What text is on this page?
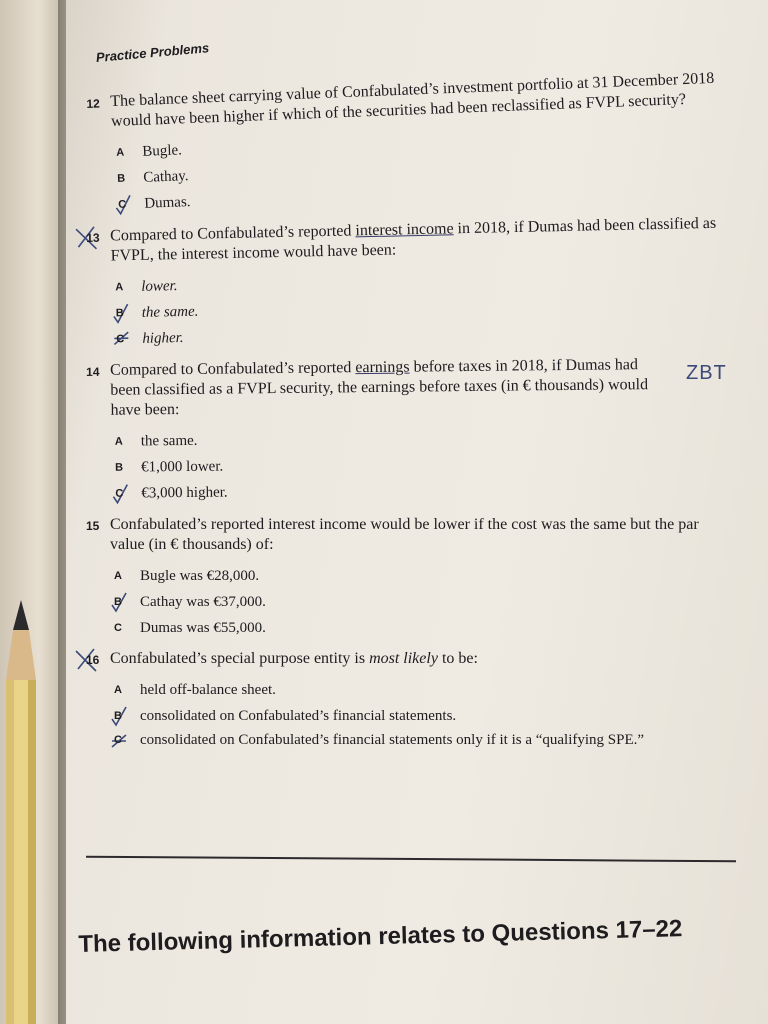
Practice Problems
12 The balance sheet carrying value of Confabulated’s investment portfolio at 31 December 2018 would have been higher if which of the securities had been reclassified as FVPL security?
A Bugle.
B Cathay.
C Dumas.
13 Compared to Confabulated’s reported interest income in 2018, if Dumas had been classified as FVPL, the interest income would have been:
A lower.
B the same.
C higher.
14 Compared to Confabulated’s reported earnings before taxes in 2018, if Dumas had been classified as a FVPL security, the earnings before taxes (in € thousands) would have been:
A the same.
B €1,000 lower.
C €3,000 higher.
15 Confabulated’s reported interest income would be lower if the cost was the same but the par value (in € thousands) of:
A Bugle was €28,000.
B Cathay was €37,000.
C Dumas was €55,000.
16 Confabulated’s special purpose entity is most likely to be:
A held off-balance sheet.
B consolidated on Confabulated’s financial statements.
C consolidated on Confabulated’s financial statements only if it is a “qualifying SPE.”
The following information relates to Questions 17–22
ZBT
